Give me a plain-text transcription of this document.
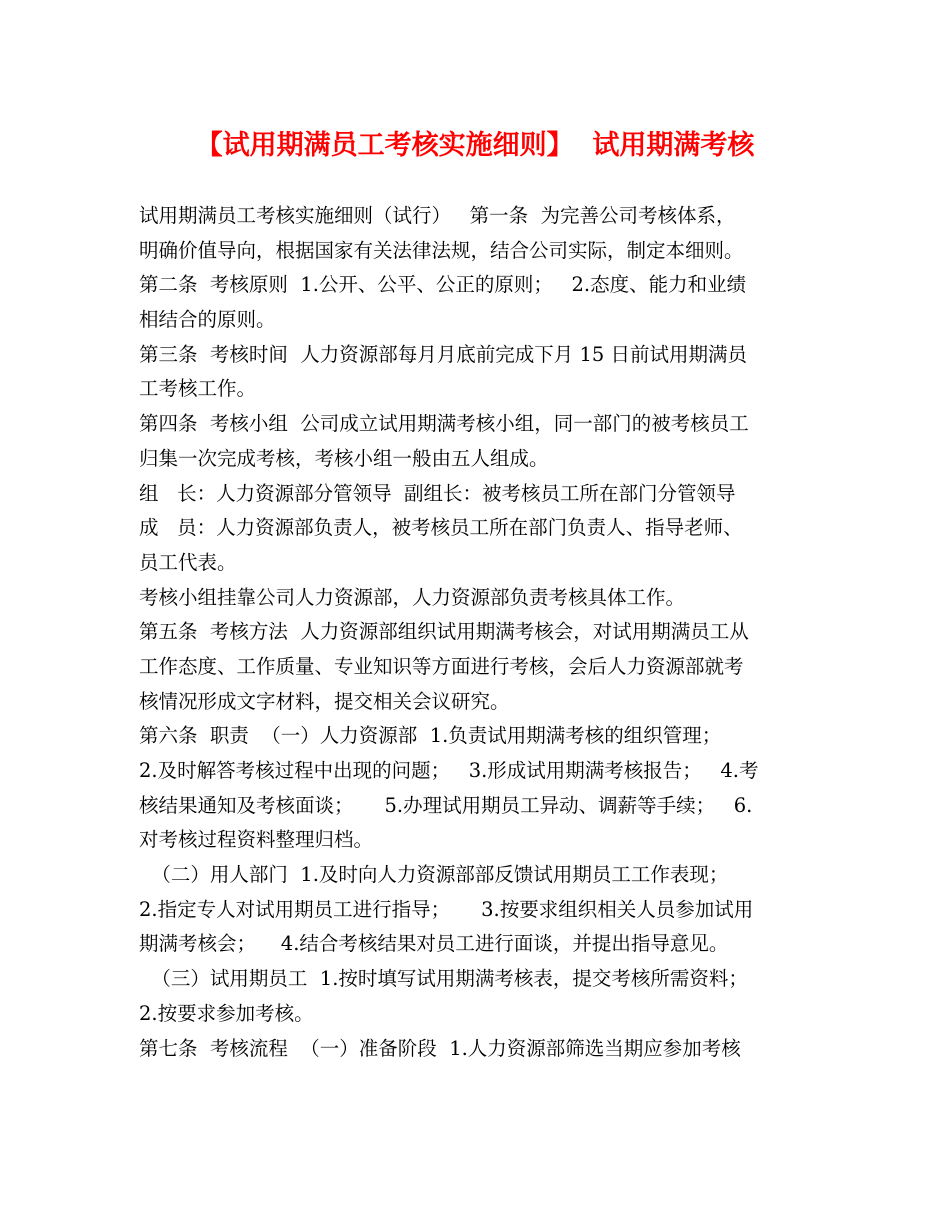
【试用期满员工考核实施细则】  试用期满考核
试用期满员工考核实施细则（试行）   第一条  为完善公司考核体系，
明确价值导向，根据国家有关法律法规，结合公司实际，制定本细则。
第二条  考核原则  1.公开、公平、公正的原则；   2.态度、能力和业绩
相结合的原则。
第三条  考核时间  人力资源部每月月底前完成下月 15 日前试用期满员
工考核工作。
第四条  考核小组  公司成立试用期满考核小组，同一部门的被考核员工
归集一次完成考核，考核小组一般由五人组成。
组   长：人力资源部分管领导  副组长：被考核员工所在部门分管领导
成   员：人力资源部负责人，被考核员工所在部门负责人、指导老师、
员工代表。
考核小组挂靠公司人力资源部，人力资源部负责考核具体工作。
第五条  考核方法  人力资源部组织试用期满考核会，对试用期满员工从
工作态度、工作质量、专业知识等方面进行考核，会后人力资源部就考
核情况形成文字材料，提交相关会议研究。
第六条  职责  （一）人力资源部  1.负责试用期满考核的组织管理；
2.及时解答考核过程中出现的问题；   3.形成试用期满考核报告；   4.考
核结果通知及考核面谈；     5.办理试用期员工异动、调薪等手续；   6.
对考核过程资料整理归档。
（二）用人部门  1.及时向人力资源部部反馈试用期员工工作表现；
2.指定专人对试用期员工进行指导；     3.按要求组织相关人员参加试用
期满考核会；    4.结合考核结果对员工进行面谈，并提出指导意见。
（三）试用期员工  1.按时填写试用期满考核表，提交考核所需资料；
2.按要求参加考核。
第七条  考核流程  （一）准备阶段  1.人力资源部筛选当期应参加考核
